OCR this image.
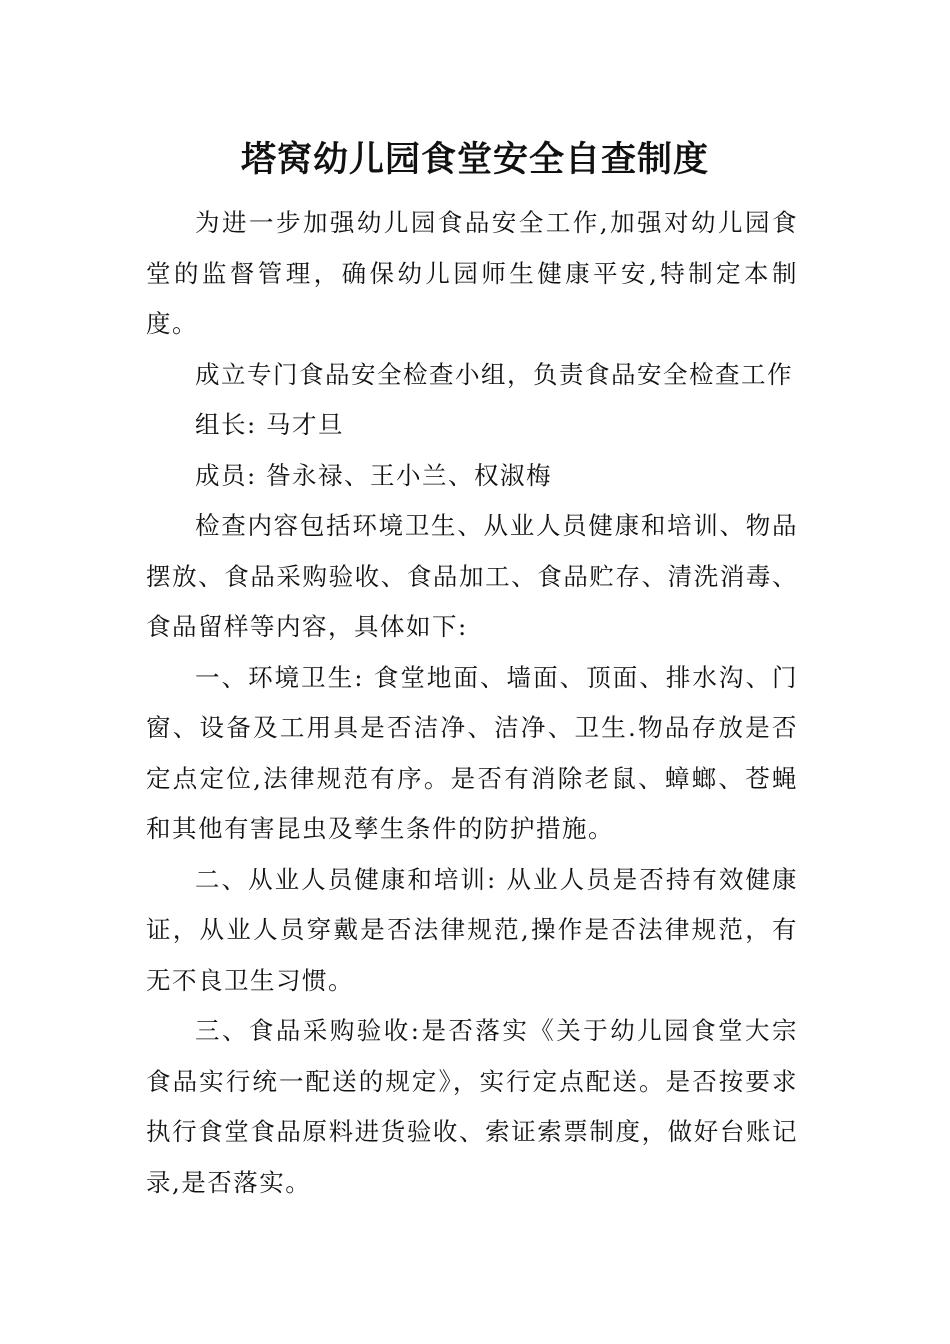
塔窝幼儿园食堂安全自查制度

为进一步加强幼儿园食品安全工作,加强对幼儿园食堂的监督管理，确保幼儿园师生健康平安,特制定本制度。

成立专门食品安全检查小组，负责食品安全检查工作

组长: 马才旦

成员: 昝永禄、王小兰、权淑梅

检查内容包括环境卫生、从业人员健康和培训、物品摆放、食品采购验收、食品加工、食品贮存、清洗消毒、食品留样等内容，具体如下:

一、环境卫生: 食堂地面、墙面、顶面、排水沟、门窗、设备及工用具是否洁净、洁净、卫生.物品存放是否定点定位,法律规范有序。是否有消除老鼠、蟑螂、苍蝇和其他有害昆虫及孳生条件的防护措施。

二、从业人员健康和培训: 从业人员是否持有效健康证，从业人员穿戴是否法律规范,操作是否法律规范，有无不良卫生习惯。

三、食品采购验收:是否落实《关于幼儿园食堂大宗食品实行统一配送的规定》，实行定点配送。是否按要求执行食堂食品原料进货验收、索证索票制度，做好台账记录,是否落实。
